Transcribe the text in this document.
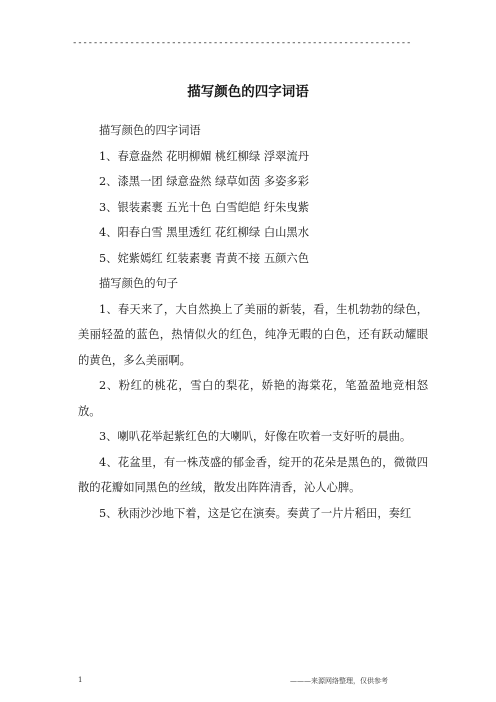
-----------------------------------------------------------------
描写颜色的四字词语

描写颜色的四字词语

1、春意盎然 花明柳媚 桃红柳绿 浮翠流丹

2、漆黑一团 绿意盎然 绿草如茵 多姿多彩

3、银装素裹 五光十色 白雪皑皑 纡朱曳紫

4、阳春白雪 黑里透红 花红柳绿 白山黑水

5、姹紫嫣红 红装素裹 青黄不接 五颜六色

描写颜色的句子

1、春天来了，大自然换上了美丽的新装，看，生机勃勃的绿色，美丽轻盈的蓝色，热情似火的红色，纯净无暇的白色，还有跃动耀眼的黄色，多么美丽啊。

2、粉红的桃花，雪白的梨花，娇艳的海棠花，笔盈盈地竞相怒放。

3、喇叭花举起紫红色的大喇叭，好像在吹着一支好听的晨曲。

4、花盆里，有一株茂盛的郁金香，绽开的花朵是黑色的，微微四散的花瓣如同黑色的丝绒，散发出阵阵清香，沁人心脾。

5、秋雨沙沙地下着，这是它在演奏。奏黄了一片片稻田，奏红

1	———来源网络整理，仅供参考
